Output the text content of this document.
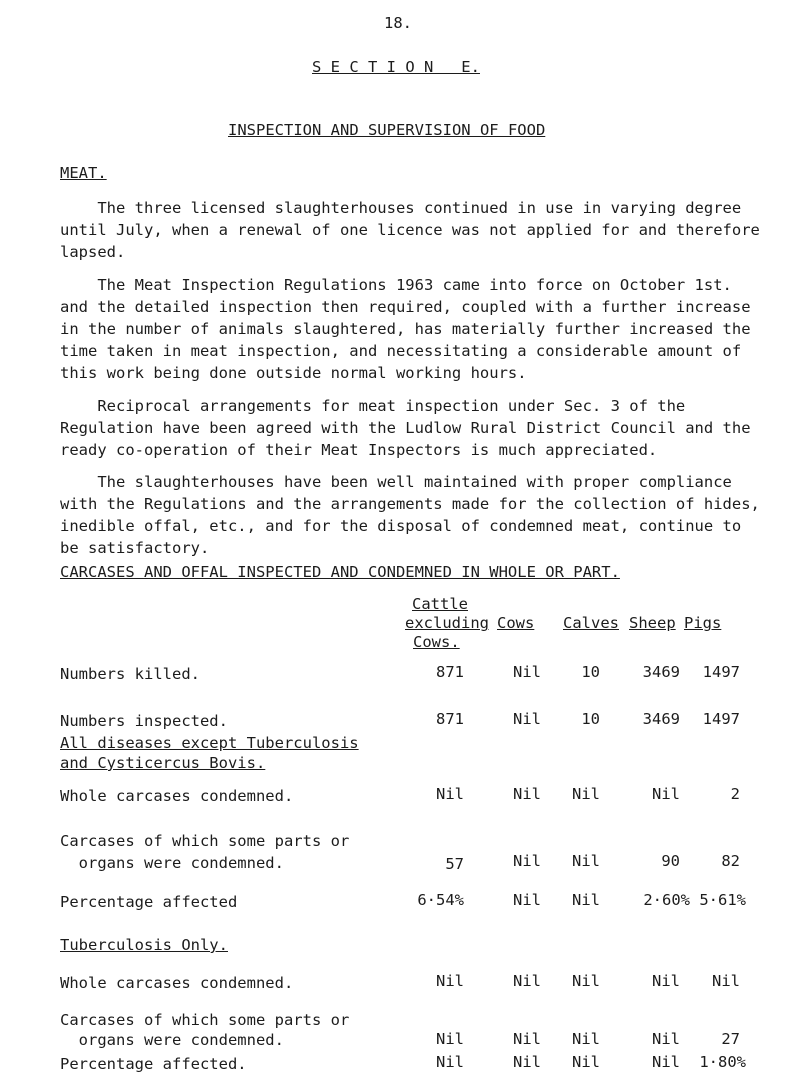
18.
S E C T I O N   E.
INSPECTION AND SUPERVISION OF FOOD
MEAT.
The three licensed slaughterhouses continued in use in varying degree
until July, when a renewal of one licence was not applied for and therefore
lapsed.
The Meat Inspection Regulations 1963 came into force on October 1st.
and the detailed inspection then required, coupled with a further increase
in the number of animals slaughtered, has materially further increased the
time taken in meat inspection, and necessitating a considerable amount of
this work being done outside normal working hours.
Reciprocal arrangements for meat inspection under Sec. 3 of the
Regulation have been agreed with the Ludlow Rural District Council and the
ready co-operation of their Meat Inspectors is much appreciated.
The slaughterhouses have been well maintained with proper compliance
with the Regulations and the arrangements made for the collection of hides,
inedible offal, etc., and for the disposal of condemned meat, continue to
be satisfactory.
CARCASES AND OFFAL INSPECTED AND CONDEMNED IN WHOLE OR PART.
Cattle
excluding
Cows.
Cows Calves Sheep Pigs
Numbers killed.	871	Nil	10	3469 1497
Numbers inspected.	871	Nil	10	3469 1497
All diseases except Tuberculosis
and Cysticercus Bovis.
Whole carcases condemned.	Nil	Nil Nil	Nil	2
Carcases of which some parts or
organs were condemned.	57	Nil Nil	90	82
Percentage affected	6·54%	Nil Nil	2·60% 5·61%
Tuberculosis Only.
Whole carcases condemned.	Nil	Nil Nil	Nil Nil
Carcases of which some parts or
organs were condemned.	Nil	Nil Nil	Nil	27
Percentage affected.	Nil	Nil Nil	Nil 1·80%
